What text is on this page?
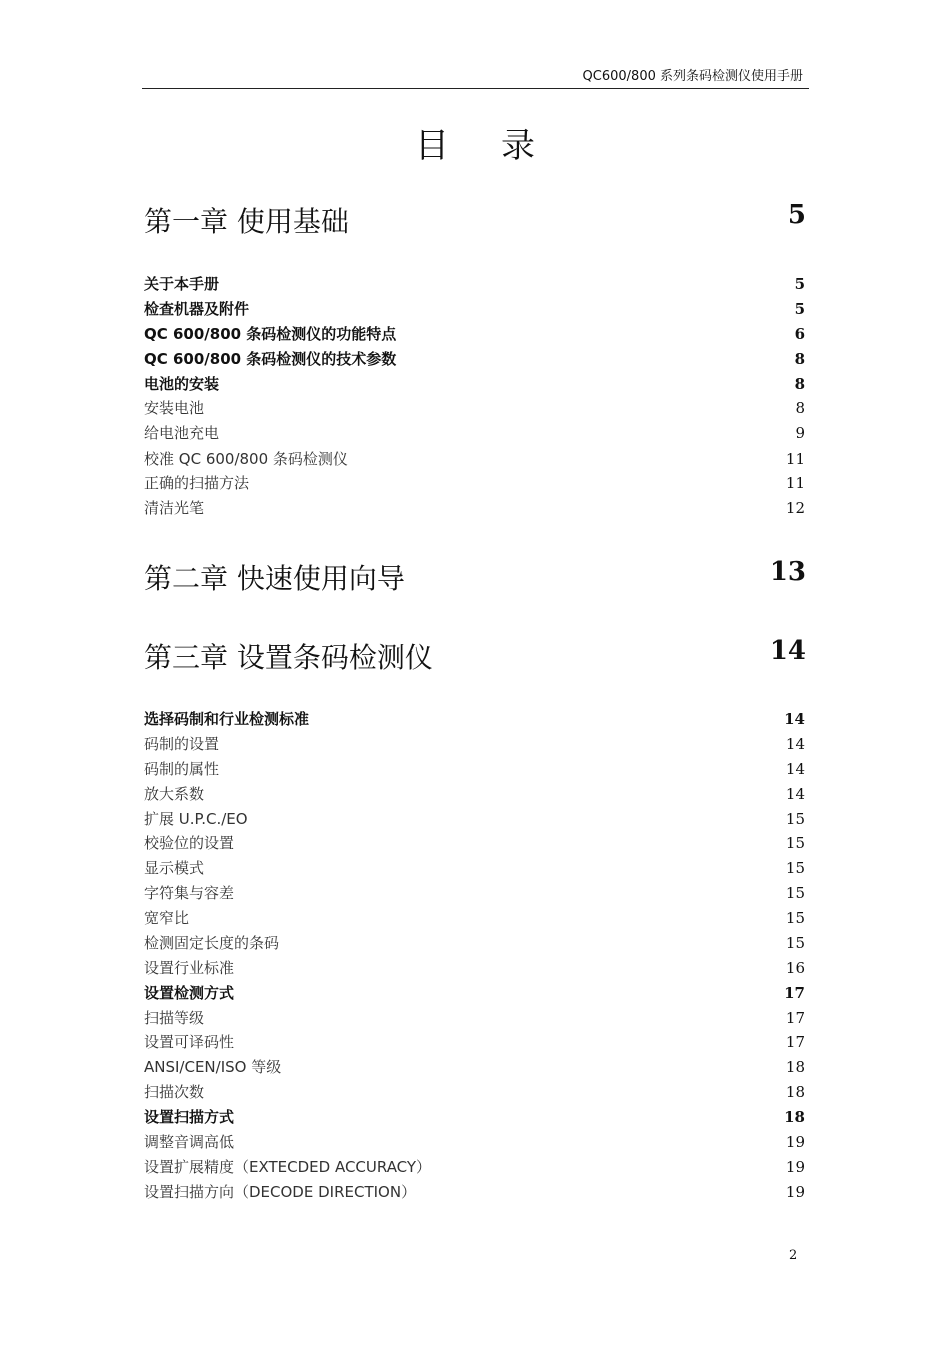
QC600/800 系列条码检测仪使用手册
目 录
第一章 使用基础	5
关于本手册	5
检查机器及附件	5
QC 600/800 条码检测仪的功能特点	6
QC 600/800 条码检测仪的技术参数	8
电池的安装	8
安装电池	8
给电池充电	9
校准 QC 600/800 条码检测仪	11
正确的扫描方法	11
清洁光笔	12
第二章 快速使用向导	13
第三章 设置条码检测仪	14
选择码制和行业检测标准	14
码制的设置	14
码制的属性	14
放大系数	14
扩展 U.P.C./EO	15
校验位的设置	15
显示模式	15
字符集与容差	15
宽窄比	15
检测固定长度的条码	15
设置行业标准	16
设置检测方式	17
扫描等级	17
设置可译码性	17
ANSI/CEN/ISO 等级	18
扫描次数	18
设置扫描方式	18
调整音调高低	19
设置扩展精度（EXTECDED ACCURACY）	19
设置扫描方向（DECODE DIRECTION）	19
2
